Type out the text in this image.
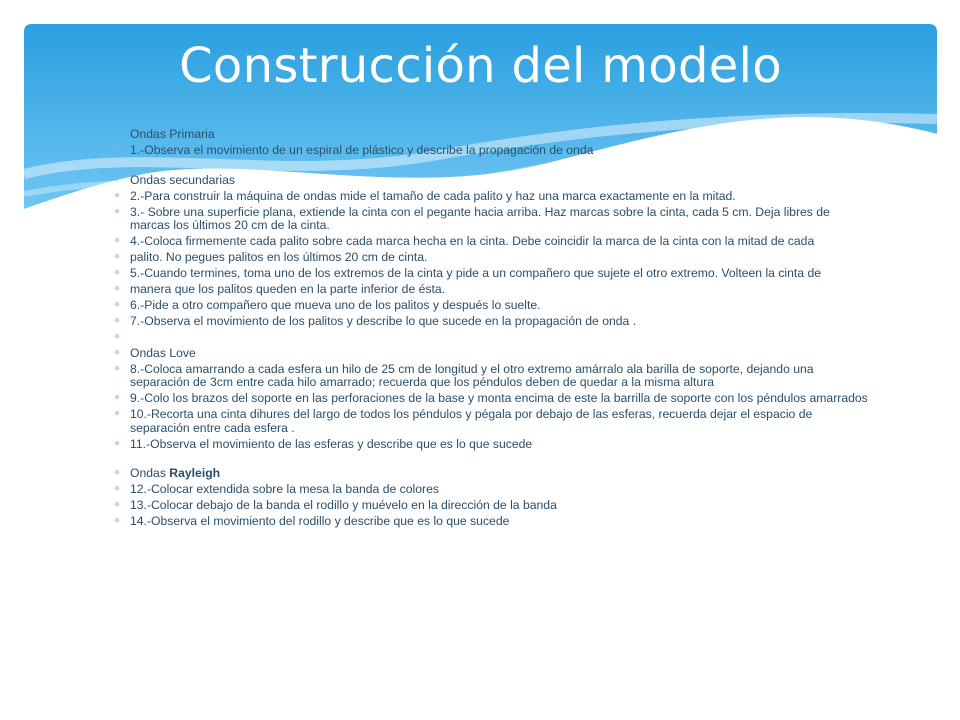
Construcción del modelo
Ondas Primaria
✳ 1.-Observa el movimiento de un espiral de plástico y describe la propagación de onda
✳ Ondas secundarias
✳ 2.-Para construir la máquina de ondas mide el tamaño de cada palito y haz una marca exactamente en la mitad.
✳ 3.- Sobre una superficie plana, extiende la cinta con el pegante hacia arriba. Haz marcas sobre la cinta, cada 5 cm. Deja libres de marcas los últimos 20 cm de la cinta.
✳ 4.-Coloca firmemente cada palito sobre cada marca hecha en la cinta. Debe coincidir la marca de la cinta con la mitad de cada
✳ palito. No pegues palitos en los últimos 20 cm de cinta.
✳ 5.-Cuando termines, toma uno de los extremos de la cinta y pide a un compañero que sujete el otro extremo. Volteen la cinta de
✳ manera que los palitos queden en la parte inferior de ésta.
✳ 6.-Pide a otro compañero que mueva uno de los palitos y después lo suelte.
✳ 7.-Observa el movimiento de los palitos y describe lo que sucede en la propagación de onda .
✳
✳ Ondas Love
✳ 8.-Coloca amarrando a cada esfera un hilo de 25 cm de longitud y el otro extremo amárralo ala barilla de soporte, dejando una separación de 3cm entre cada hilo amarrado; recuerda que los péndulos deben de quedar a la misma altura
✳ 9.-Colo los brazos del soporte en las perforaciones de la base y monta encima de este la barrilla de soporte con los péndulos amarrados
✳ 10.-Recorta una cinta dihures del largo de todos los péndulos y pégala por debajo de las esferas, recuerda dejar el espacio de separación entre cada esfera .
✳ 11.-Observa el movimiento de las esferas y describe que es lo que sucede
✳ Ondas Rayleigh
✳ 12.-Colocar extendida sobre la mesa la banda de colores
✳ 13.-Colocar debajo de la banda el rodillo y muévelo en la dirección de la banda
✳ 14.-Observa el movimiento del rodillo y describe que es lo que sucede
